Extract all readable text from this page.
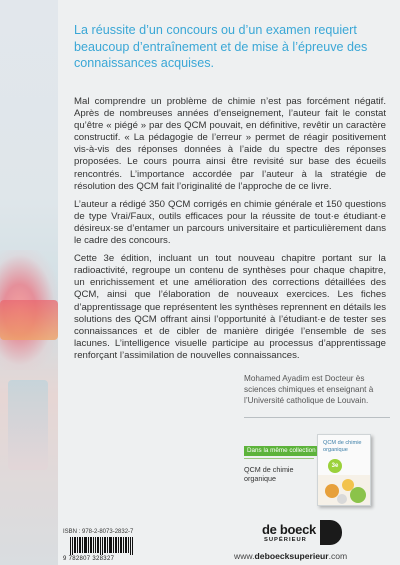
La réussite d’un concours ou d’un examen requiert beaucoup d’entraînement et de mise à l’épreuve des connaissances acquises.

Mal comprendre un problème de chimie n’est pas forcément négatif. Après de nombreuses années d’enseignement, l’auteur fait le constat qu’être « piégé » par des QCM pouvait, en définitive, revêtir un caractère constructif. « La pédagogie de l’erreur » permet de réagir positivement vis-à-vis des réponses données à l’aide du spectre des réponses proposées. Le cours pourra ainsi être revisité sur base des écueils rencontrés. L’importance accordée par l’auteur à la stratégie de résolution des QCM fait l’originalité de l’approche de ce livre.

L’auteur a rédigé 350 QCM corrigés en chimie générale et 150 questions de type Vrai/Faux, outils efficaces pour la réussite de tout·e étudiant·e désireux·se d’entamer un parcours universitaire et particulièrement dans le cadre des concours.

Cette 3e édition, incluant un tout nouveau chapitre portant sur la radioactivité, regroupe un contenu de synthèses pour chaque chapitre, un enrichissement et une amélioration des corrections détaillées des QCM, ainsi que l’élaboration de nouveaux exercices. Les fiches d’apprentissage que représentent les synthèses reprennent en détails les solutions des QCM offrant ainsi l’opportunité à l’étudiant·e de tester ses connaissances et de cibler de manière dirigée l’ensemble de ses lacunes. L’intelligence visuelle participe au processus d’apprentissage renforçant l’assimilation de nouvelles connaissances.

Mohamed Ayadim est Docteur ès sciences chimiques et enseignant à l’Université catholique de Louvain.
QCM de chimie organique
3e
Dans la même collection
QCM de chimie organique
ISBN : 978-2-8073-2832-7
9 782807 328327
de boeck
SUPÉRIEUR
www.deboecksuperieur.com
